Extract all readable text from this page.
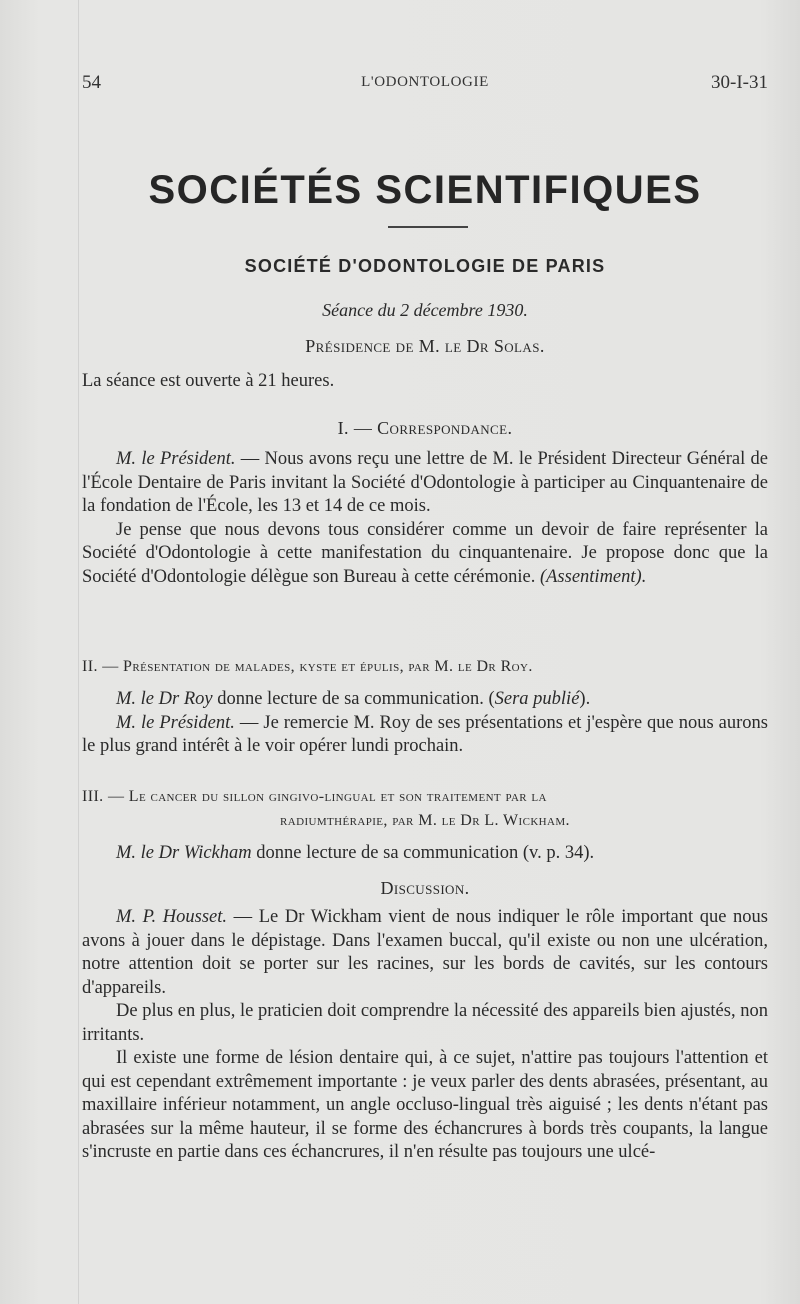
54	L'ODONTOLOGIE	30-I-31
SOCIÉTÉS SCIENTIFIQUES
SOCIÉTÉ D'ODONTOLOGIE DE PARIS
Séance du 2 décembre 1930.
Présidence de M. le Dr Solas.
La séance est ouverte à 21 heures.
I. — Correspondance.

M. le Président. — Nous avons reçu une lettre de M. le Président Directeur Général de l'École Dentaire de Paris invitant la Société d'Odontologie à participer au Cinquantenaire de la fondation de l'École, les 13 et 14 de ce mois.

Je pense que nous devons tous considérer comme un devoir de faire représenter la Société d'Odontologie à cette manifestation du cinquantenaire. Je propose donc que la Société d'Odontologie délègue son Bureau à cette cérémonie. (Assentiment).

II. — Présentation de malades, kyste et épulis, par M. le Dr Roy.

M. le Dr Roy donne lecture de sa communication. (Sera publié).

M. le Président. — Je remercie M. Roy de ses présentations et j'espère que nous aurons le plus grand intérêt à le voir opérer lundi prochain.

III. — Le cancer du sillon gingivo-lingual et son traitement par la
radiumthérapie, par M. le Dr L. Wickham.

M. le Dr Wickham donne lecture de sa communication (v. p. 34).

Discussion.

M. P. Housset. — Le Dr Wickham vient de nous indiquer le rôle important que nous avons à jouer dans le dépistage. Dans l'examen buccal, qu'il existe ou non une ulcération, notre attention doit se porter sur les racines, sur les bords de cavités, sur les contours d'appareils.

De plus en plus, le praticien doit comprendre la nécessité des appareils bien ajustés, non irritants.

Il existe une forme de lésion dentaire qui, à ce sujet, n'attire pas toujours l'attention et qui est cependant extrêmement importante : je veux parler des dents abrasées, présentant, au maxillaire inférieur notamment, un angle occluso-lingual très aiguisé ; les dents n'étant pas abrasées sur la même hauteur, il se forme des échancrures à bords très coupants, la langue s'incruste en partie dans ces échancrures, il n'en résulte pas toujours une ulcé-
